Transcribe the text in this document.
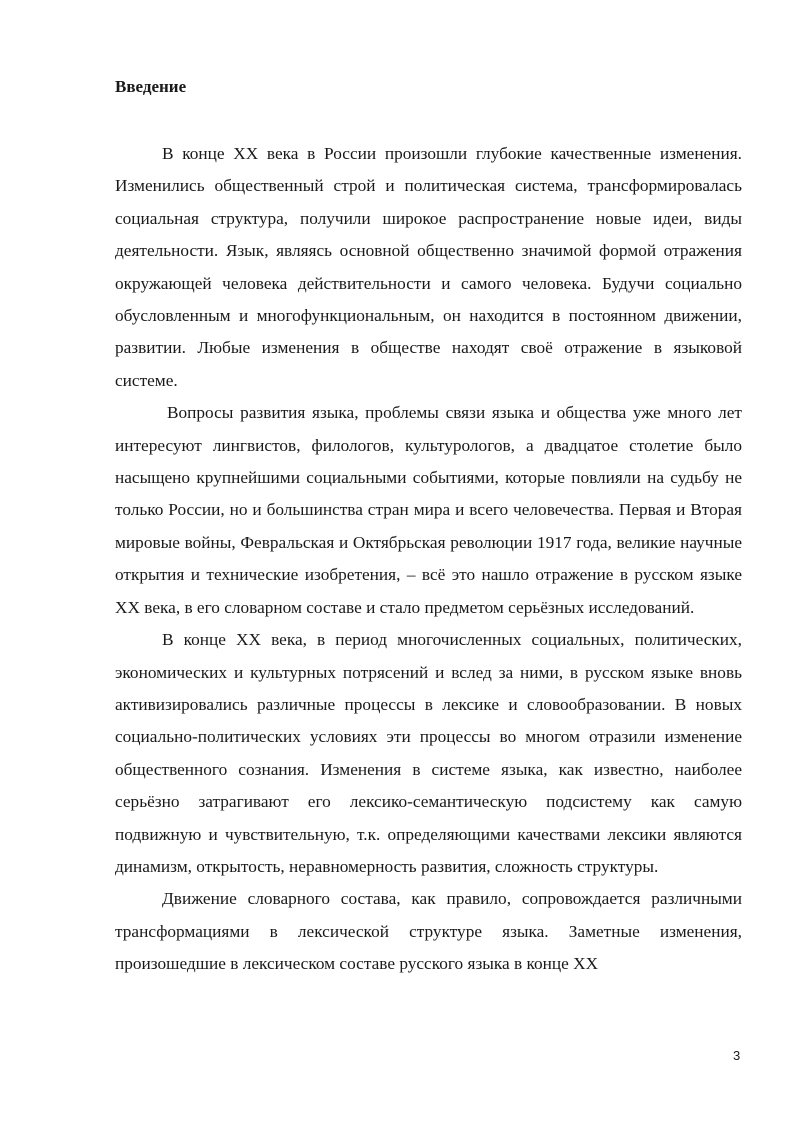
Введение

В конце XX века в России произошли глубокие качественные изменения. Изменились общественный строй и политическая система, трансформировалась социальная структура, получили широкое распространение новые идеи, виды деятельности. Язык, являясь основной общественно значимой формой отражения окружающей человека действительности и самого человека. Будучи социально обусловленным и многофункциональным, он находится в постоянном движении, развитии. Любые изменения в обществе находят своё отражение в языковой системе.

Вопросы развития языка, проблемы связи языка и общества уже много лет интересуют лингвистов, филологов, культурологов, а двадцатое столетие было насыщено крупнейшими социальными событиями, которые повлияли на судьбу не только России, но и большинства стран мира и всего человечества. Первая и Вторая мировые войны, Февральская и Октябрьская революции 1917 года, великие научные открытия и технические изобретения, – всё это нашло отражение в русском языке XX века, в его словарном составе и стало предметом серьёзных исследований.

В конце XX века, в период многочисленных социальных, политических, экономических и культурных потрясений и вслед за ними, в русском языке вновь активизировались различные процессы в лексике и словообразовании. В новых социально-политических условиях эти процессы во многом отразили изменение общественного сознания. Изменения в системе языка, как известно, наиболее серьёзно затрагивают его лексико-семантическую подсистему как самую подвижную и чувствительную, т.к. определяющими качествами лексики являются динамизм, открытость, неравномерность развития, сложность структуры.

Движение словарного состава, как правило, сопровождается различными трансформациями в лексической структуре языка. Заметные изменения, произошедшие в лексическом составе русского языка в конце XX

3
